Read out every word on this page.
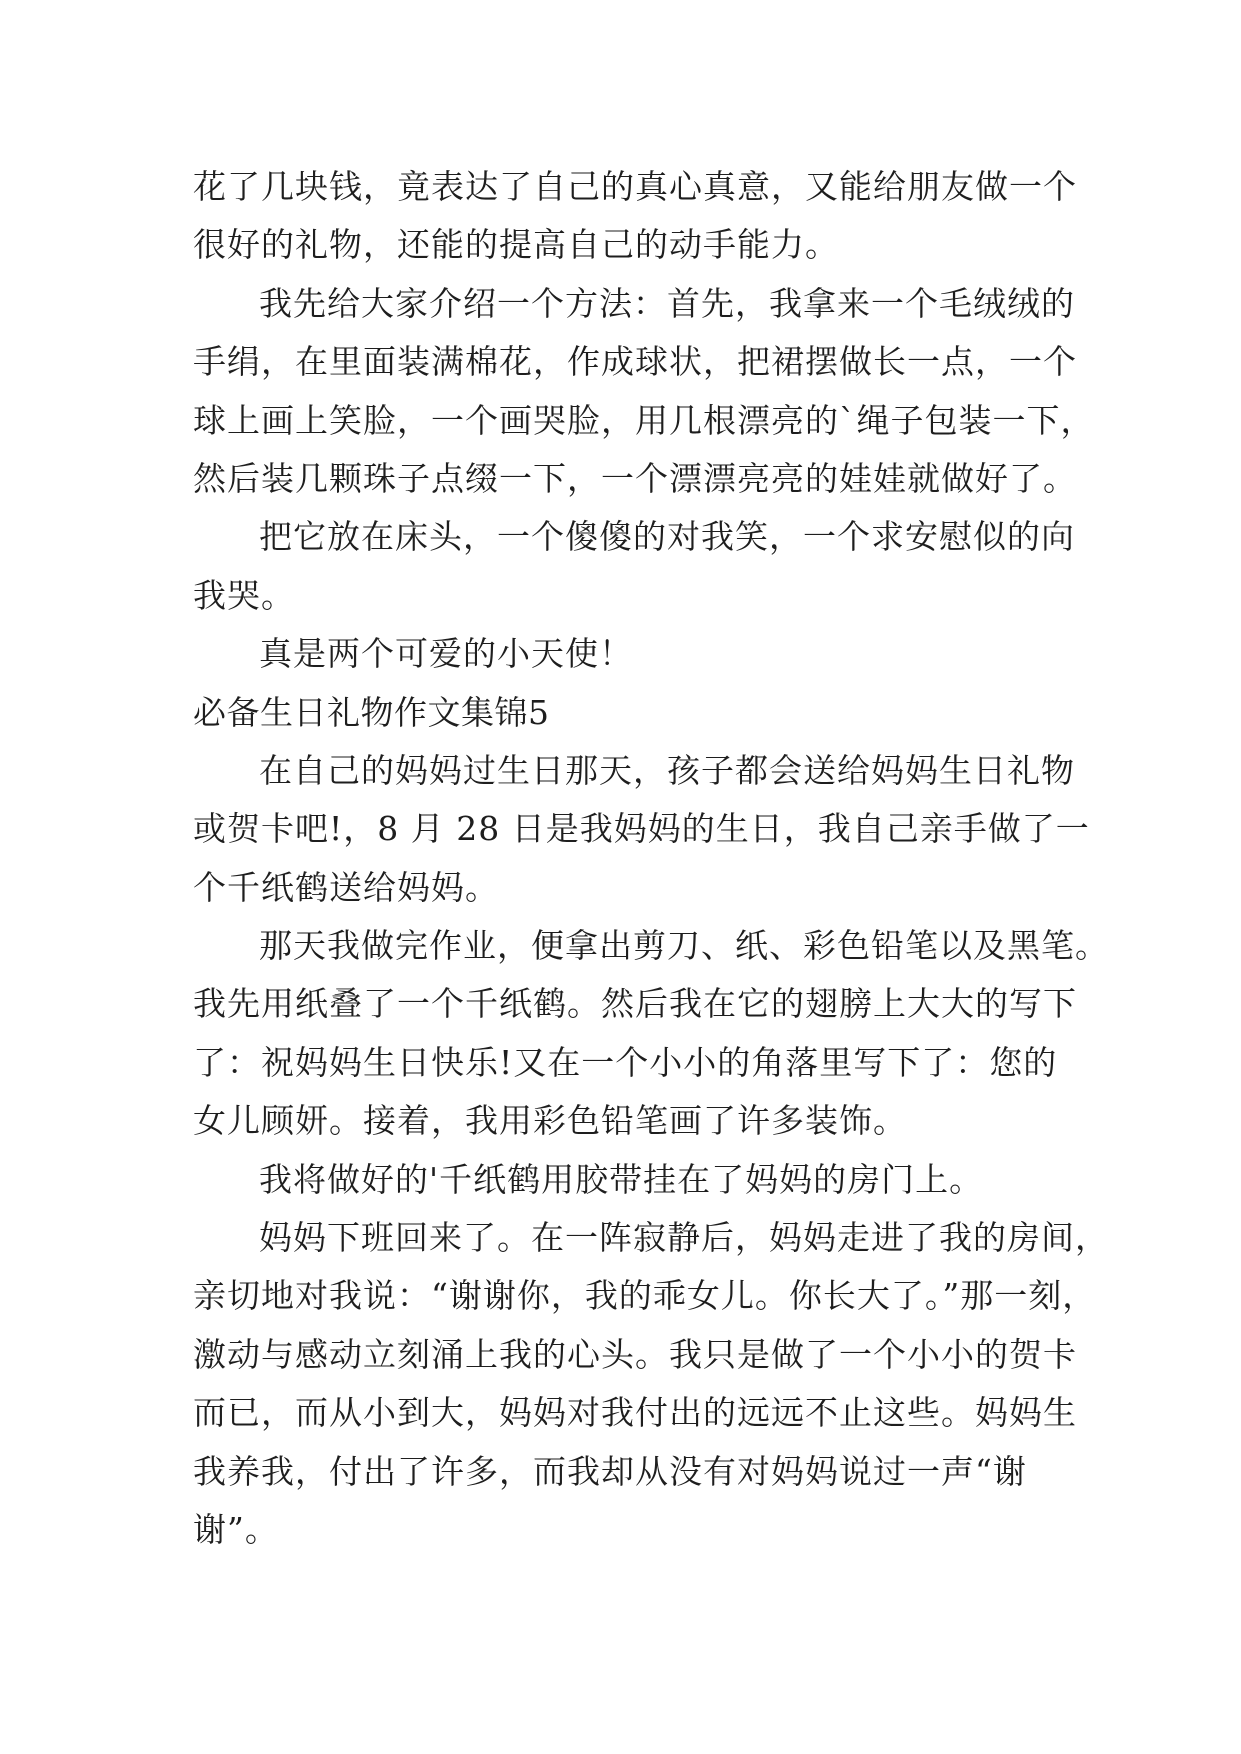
花了几块钱，竟表达了自己的真心真意，又能给朋友做一个
很好的礼物，还能的提高自己的动手能力。
我先给大家介绍一个方法：首先，我拿来一个毛绒绒的
手绢，在里面装满棉花，作成球状，把裙摆做长一点，一个
球上画上笑脸，一个画哭脸，用几根漂亮的`绳子包装一下，
然后装几颗珠子点缀一下，一个漂漂亮亮的娃娃就做好了。
把它放在床头，一个傻傻的对我笑，一个求安慰似的向
我哭。
真是两个可爱的小天使！
必备生日礼物作文集锦5
在自己的妈妈过生日那天，孩子都会送给妈妈生日礼物
或贺卡吧!，8 月 28 日是我妈妈的生日，我自己亲手做了一
个千纸鹤送给妈妈。
那天我做完作业，便拿出剪刀、纸、彩色铅笔以及黑笔。
我先用纸叠了一个千纸鹤。然后我在它的翅膀上大大的写下
了：祝妈妈生日快乐!又在一个小小的角落里写下了：您的
女儿顾妍。接着，我用彩色铅笔画了许多装饰。
我将做好的'千纸鹤用胶带挂在了妈妈的房门上。
妈妈下班回来了。在一阵寂静后，妈妈走进了我的房间，
亲切地对我说：“谢谢你，我的乖女儿。你长大了。”那一刻，
激动与感动立刻涌上我的心头。我只是做了一个小小的贺卡
而已，而从小到大，妈妈对我付出的远远不止这些。妈妈生
我养我，付出了许多，而我却从没有对妈妈说过一声“谢
谢”。
